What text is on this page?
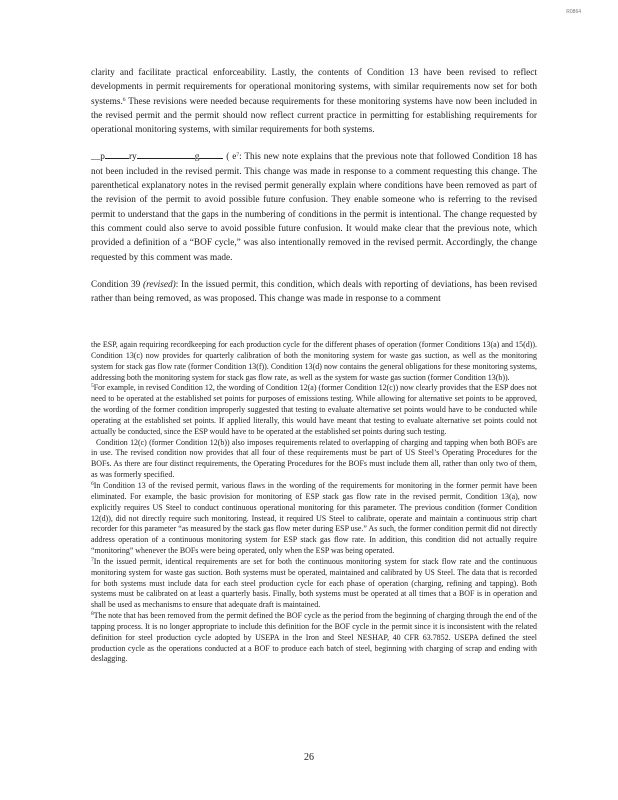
R0864

clarity and facilitate practical enforceability. Lastly, the contents of Condition 13 have been revised to reflect developments in permit requirements for operational monitoring systems, with similar requirements now set for both systems.$^6$ These revisions were needed because requirements for these monitoring systems have now been included in the revised permit and the permit should now reflect current practice in permitting for establishing requirements for operational monitoring systems, with similar requirements for both systems.

__p	ry	g	( $e^7$: This new note explains that the previous note that followed Condition 18 has not been included in the revised permit. This change was made in response to a comment requesting this change. The parenthetical explanatory notes in the revised permit generally explain where conditions have been removed as part of the revision of the permit to avoid possible future confusion. They enable someone who is referring to the revised permit to understand that the gaps in the numbering of conditions in the permit is intentional. The change requested by this comment could also serve to avoid possible future confusion. It would make clear that the previous note, which provided a definition of a “BOF cycle,” was also intentionally removed in the revised permit. Accordingly, the change requested by this comment was made.

Condition 39 (revised): In the issued permit, this condition, which deals with reporting of deviations, has been revised rather than being removed, as was proposed. This change was made in response to a comment

the ESP, again requiring recordkeeping for each production cycle for the different phases of operation (former Conditions 13(a) and 15(d)). Condition 13(c) now provides for quarterly calibration of both the monitoring system for waste gas suction, as well as the monitoring system for stack gas flow rate (former Condition 13(f)). Condition 13(d) now contains the general obligations for these monitoring systems, addressing both the monitoring system for stack gas flow rate, as well as the system for waste gas suction (former Condition 13(b)).

$^5$For example, in revised Condition 12, the wording of Condition 12(a) (former Condition 12(c)) now clearly provides that the ESP does not need to be operated at the established set points for purposes of emissions testing. While allowing for alternative set points to be approved, the wording of the former condition improperly suggested that testing to evaluate alternative set points would have to be conducted while operating at the established set points. If applied literally, this would have meant that testing to evaluate alternative set points could not actually be conducted, since the ESP would have to be operated at the established set points during such testing.

Condition 12(c) (former Condition 12(b)) also imposes requirements related to overlapping of charging and tapping when both BOFs are in use. The revised condition now provides that all four of these requirements must be part of US Steel’s Operating Procedures for the BOFs. As there are four distinct requirements, the Operating Procedures for the BOFs must include them all, rather than only two of them, as was formerly specified.

$^6$In Condition 13 of the revised permit, various flaws in the wording of the requirements for monitoring in the former permit have been eliminated. For example, the basic provision for monitoring of ESP stack gas flow rate in the revised permit, Condition 13(a), now explicitly requires US Steel to conduct continuous operational monitoring for this parameter. The previous condition (former Condition 12(d)), did not directly require such monitoring. Instead, it required US Steel to calibrate, operate and maintain a continuous strip chart recorder for this parameter “as measured by the stack gas flow meter during ESP use.” As such, the former condition permit did not directly address operation of a continuous monitoring system for ESP stack gas flow rate. In addition, this condition did not actually require “monitoring” whenever the BOFs were being operated, only when the ESP was being operated.

$^7$In the issued permit, identical requirements are set for both the continuous monitoring system for stack flow rate and the continuous monitoring system for waste gas suction. Both systems must be operated, maintained and calibrated by US Steel. The data that is recorded for both systems must include data for each steel production cycle for each phase of operation (charging, refining and tapping). Both systems must be calibrated on at least a quarterly basis. Finally, both systems must be operated at all times that a BOF is in operation and shall be used as mechanisms to ensure that adequate draft is maintained.

$^8$The note that has been removed from the permit defined the BOF cycle as the period from the beginning of charging through the end of the tapping process. It is no longer appropriate to include this definition for the BOF cycle in the permit since it is inconsistent with the related definition for steel production cycle adopted by USEPA in the Iron and Steel NESHAP, 40 CFR 63.7852. USEPA defined the steel production cycle as the operations conducted at a BOF to produce each batch of steel, beginning with charging of scrap and ending with deslagging.

26
